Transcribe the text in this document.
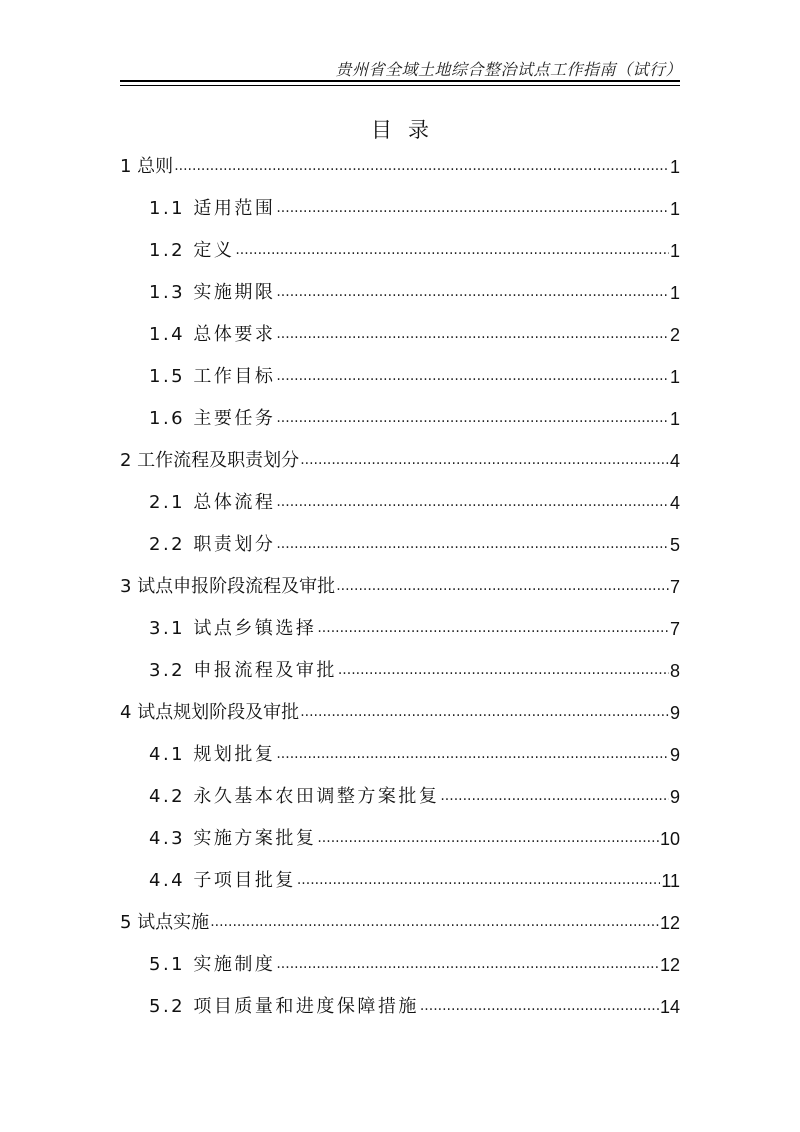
贵州省全域土地综合整治试点工作指南（试行）
目录
1 总则 .....	1
1.1 适用范围 .....	1
1.2 定义 .....	1
1.3 实施期限 .....	1
1.4 总体要求 .....	2
1.5 工作目标 .....	1
1.6 主要任务 .....	1
2 工作流程及职责划分 .....	4
2.1 总体流程 .....	4
2.2 职责划分 .....	5
3 试点申报阶段流程及审批 .....	7
3.1 试点乡镇选择 .....	7
3.2 申报流程及审批 .....	8
4 试点规划阶段及审批 .....	9
4.1 规划批复 .....	9
4.2 永久基本农田调整方案批复 .....	9
4.3 实施方案批复 .....	10
4.4 子项目批复 .....	11
5 试点实施 .....	12
5.1 实施制度 .....	12
5.2 项目质量和进度保障措施 .....	14
